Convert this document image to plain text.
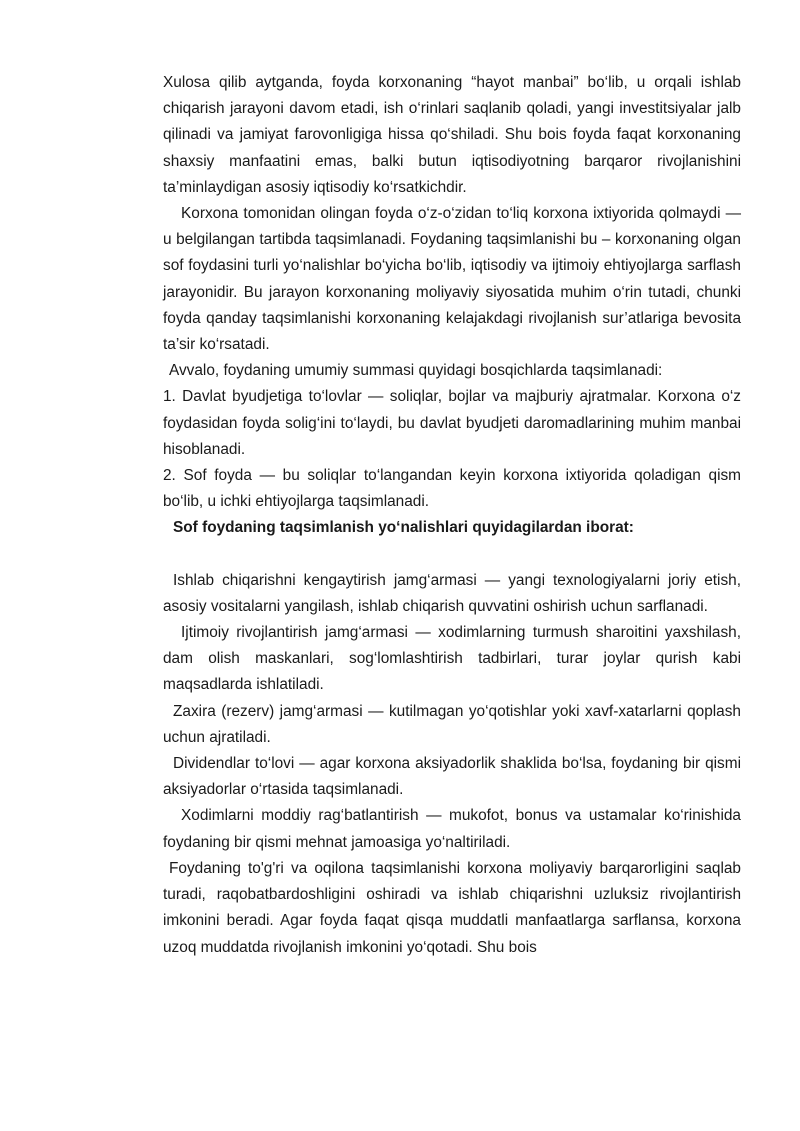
Xulosa qilib aytganda, foyda korxonaning “hayot manbai” bo‘lib, u orqali ishlab chiqarish jarayoni davom etadi, ish o‘rinlari saqlanib qoladi, yangi investitsiyalar jalb qilinadi va jamiyat farovonligiga hissa qo‘shiladi. Shu bois foyda faqat korxonaning shaxsiy manfaatini emas, balki butun iqtisodiyotning barqaror rivojlanishini ta’minlaydigan asosiy iqtisodiy ko‘rsatkichdir.

Korxona tomonidan olingan foyda o‘z-o‘zidan to‘liq korxona ixtiyorida qolmaydi — u belgilangan tartibda taqsimlanadi. Foydaning taqsimlanishi bu – korxonaning olgan sof foydasini turli yo‘nalishlar bo‘yicha bo‘lib, iqtisodiy va ijtimoiy ehtiyojlarga sarflash jarayonidir. Bu jarayon korxonaning moliyaviy siyosatida muhim o‘rin tutadi, chunki foyda qanday taqsimlanishi korxonaning kelajakdagi rivojlanish sur’atlariga bevosita ta’sir ko‘rsatadi.

Avvalo, foydaning umumiy summasi quyidagi bosqichlarda taqsimlanadi:

1. Davlat byudjetiga to‘lovlar — soliqlar, bojlar va majburiy ajratmalar. Korxona o‘z foydasidan foyda solig‘ini to‘laydi, bu davlat byudjeti daromadlarining muhim manbai hisoblanadi.

2. Sof foyda — bu soliqlar to‘langandan keyin korxona ixtiyorida qoladigan qism bo‘lib, u ichki ehtiyojlarga taqsimlanadi.

Sof foydaning taqsimlanish yo‘nalishlari quyidagilardan iborat:

Ishlab chiqarishni kengaytirish jamg‘armasi — yangi texnologiyalarni joriy etish, asosiy vositalarni yangilash, ishlab chiqarish quvvatini oshirish uchun sarflanadi.

Ijtimoiy rivojlantirish jamg‘armasi — xodimlarning turmush sharoitini yaxshilash, dam olish maskanlari, sog‘lomlashtirish tadbirlari, turar joylar qurish kabi maqsadlarda ishlatiladi.

Zaxira (rezerv) jamg‘armasi — kutilmagan yo‘qotishlar yoki xavf-xatarlarni qoplash uchun ajratiladi.

Dividendlar to‘lovi — agar korxona aksiyadorlik shaklida bo‘lsa, foydaning bir qismi aksiyadorlar o‘rtasida taqsimlanadi.

Xodimlarni moddiy rag‘batlantirish — mukofot, bonus va ustamalar ko‘rinishida foydaning bir qismi mehnat jamoasiga yo‘naltiriladi.

Foydaning to'g'ri va oqilona taqsimlanishi korxona moliyaviy barqarorligini saqlab turadi, raqobatbardoshligini oshiradi va ishlab chiqarishni uzluksiz rivojlantirish imkonini beradi. Agar foyda faqat qisqa muddatli manfaatlarga sarflansa, korxona uzoq muddatda rivojlanish imkonini yo‘qotadi. Shu bois
